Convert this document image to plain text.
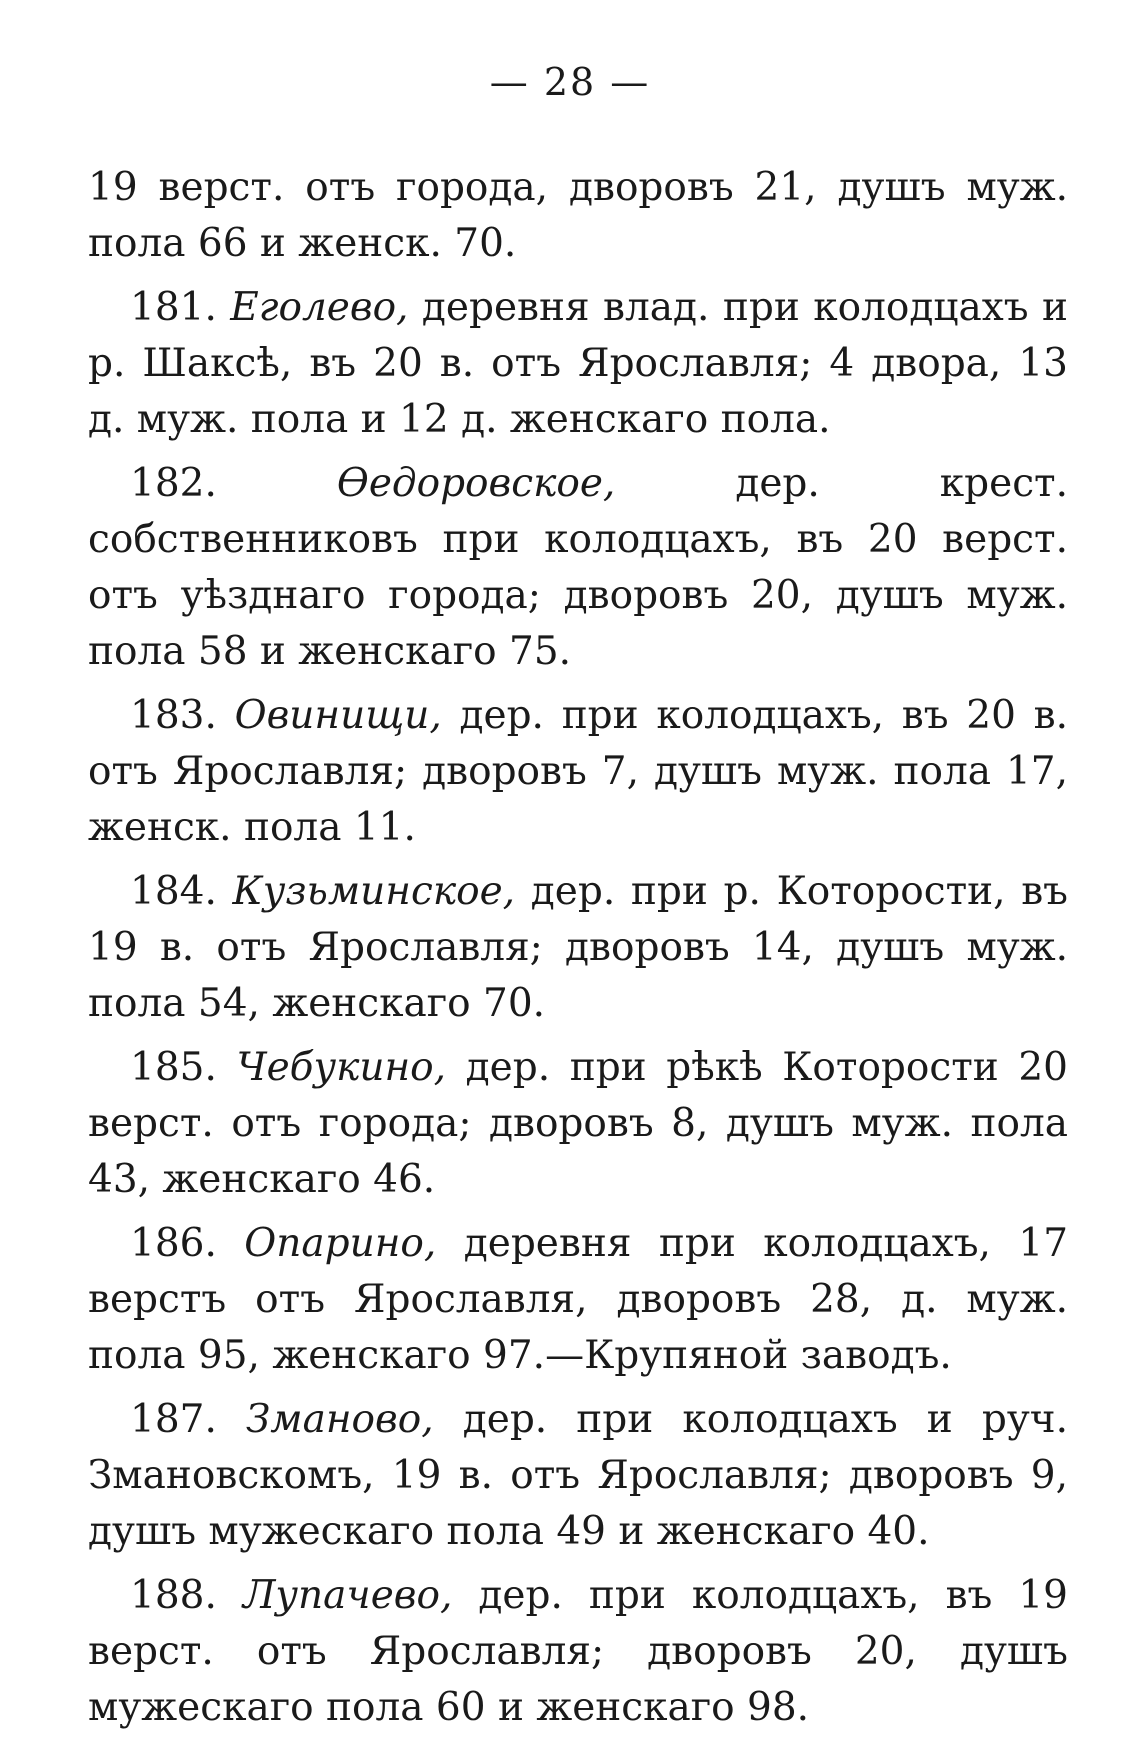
— 28 —

19 верст. отъ города, дворовъ 21, душъ муж. пола 66 и женск. 70.

181. Еголево, деревня влад. при колодцахъ и р. Шаксѣ, въ 20 в. отъ Ярославля; 4 двора, 13 д. муж. пола и 12 д. женскаго пола.

182.	Өедоровское,	дер. крест. собственниковъ при колодцахъ, въ 20 верст. отъ уѣзднаго города; дворовъ 20, душъ муж. пола 58 и женскаго 75.

183. Овинищи, дер. при колодцахъ, въ 20 в. отъ Ярославля; дворовъ 7, душъ муж. пола 17, женск. пола 11.

184. Кузьминское, дер. при р. Которости, въ 19 в. отъ Ярославля; дворовъ 14, душъ муж. пола 54, женскаго 70.

185. Чебукино, дер. при рѣкѣ Которости 20 верст. отъ города; дворовъ 8, душъ муж. пола 43, женскаго 46.

186. Опарино, деревня при колодцахъ, 17 верстъ отъ Ярославля, дворовъ 28, д. муж. пола 95, женскаго 97.—Крупяной заводъ.

187. Змановo, дер. при колодцахъ и руч. Змановскомъ, 19 в. отъ Ярославля; дворовъ 9, душъ мужескаго пола 49 и женскаго 40.

188. Лупачево, дер. при колодцахъ, въ 19 верст. отъ Ярославля; дворовъ 20, душъ мужескаго пола 60 и женскаго 98.
